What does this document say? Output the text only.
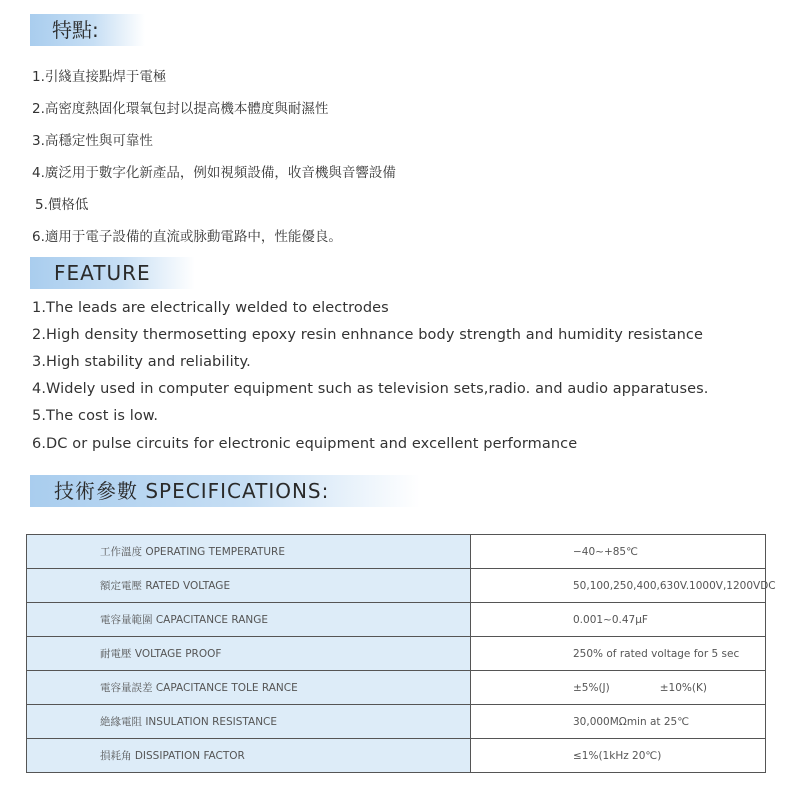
特點:
1.引綫直接點焊于電極
2.高密度熱固化環氧包封以提高機本體度與耐濕性
3.高穩定性與可靠性
4.廣泛用于數字化新產品，例如視頻設備，收音機與音響設備
5.價格低
6.適用于電子設備的直流或脉動電路中，性能優良。
FEATURE
1.The leads are electrically welded to electrodes
2.High density thermosetting epoxy resin enhnance body strength and humidity resistance
3.High stability and reliability.
4.Widely used in computer equipment such as television sets,radio. and audio apparatuses.
5.The cost is low.
6.DC or pulse circuits for electronic equipment and excellent performance
技術參數 SPECIFICATIONS:
工作溫度 OPERATING TEMPERATURE	−40~+85℃
額定電壓 RATED VOLTAGE	50,100,250,400,630V.1000V,1200VDC
電容量範圍 CAPACITANCE RANGE	0.001~0.47μF
耐電壓 VOLTAGE PROOF	250% of rated voltage for 5 sec
電容量誤差 CAPACITANCE TOLE RANCE	±5%(J) ±10%(K)
絶緣電阻 INSULATION RESISTANCE	30,000MΩmin at 25℃
損耗角 DISSIPATION FACTOR	≤1%(1kHz 20℃)
